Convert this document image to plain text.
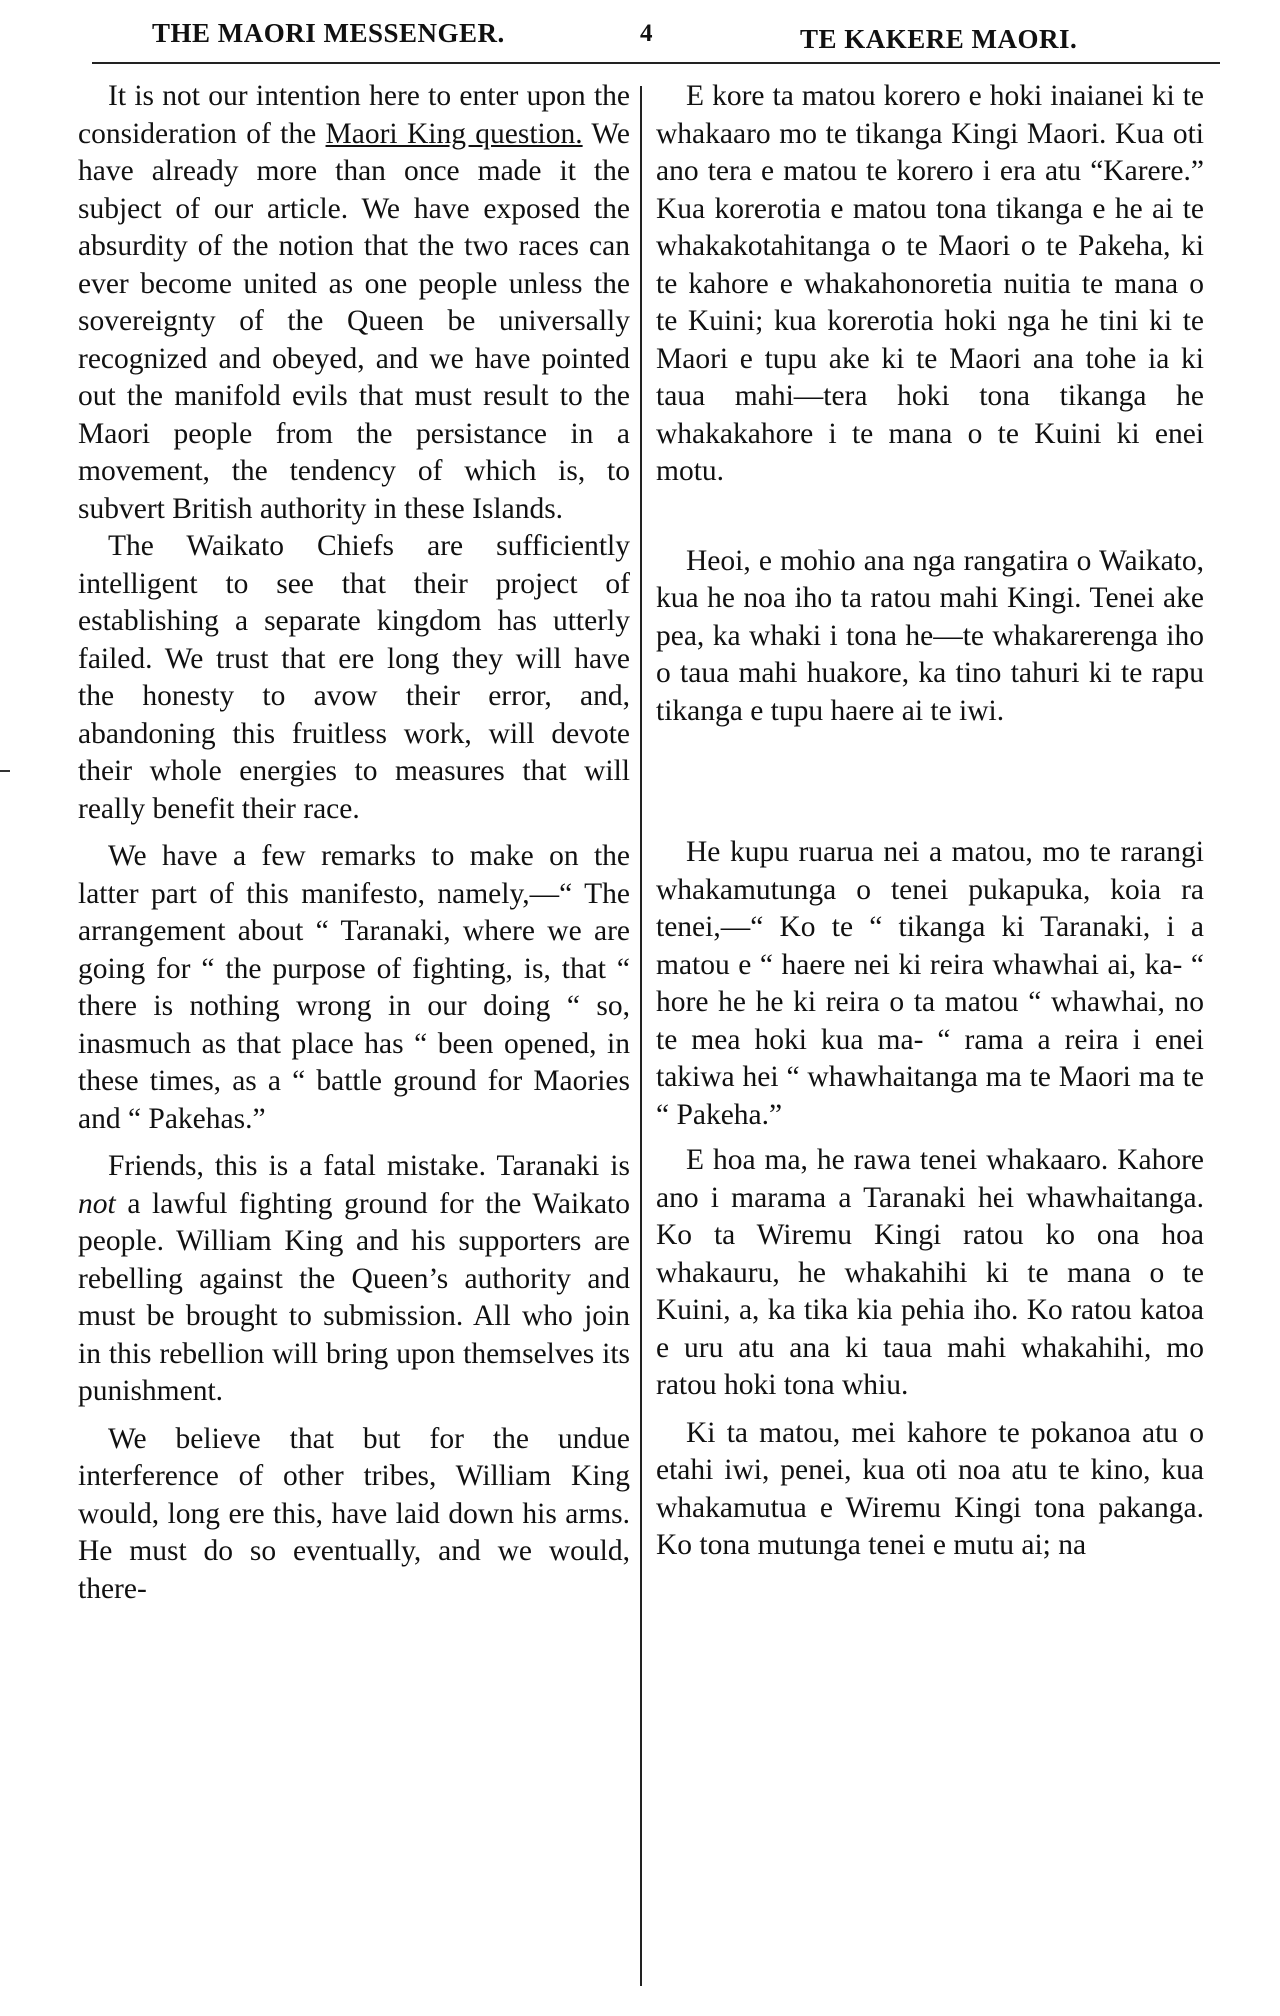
THE MAORI MESSENGER.	4	TE KAKERE MAORI.

It is not our intention here to enter upon the consideration of the Maori King question. We have already more than once made it the subject of our article. We have exposed the absurdity of the notion that the two races can ever become united as one people unless the sovereignty of the Queen be universally recognized and obeyed, and we have pointed out the manifold evils that must result to the Maori people from the persistance in a movement, the tendency of which is, to subvert British authority in these Islands.

The Waikato Chiefs are sufficiently intelligent to see that their project of establishing a separate kingdom has utterly failed. We trust that ere long they will have the honesty to avow their error, and, abandoning this fruitless work, will devote their whole energies to measures that will really benefit their race.

We have a few remarks to make on the latter part of this manifesto, namely,—“ The arrangement about “ Taranaki, where we are going for “ the purpose of fighting, is, that “ there is nothing wrong in our doing “ so, inasmuch as that place has “ been opened, in these times, as a “ battle ground for Maories and “ Pakehas.”

Friends, this is a fatal mistake. Taranaki is not a lawful fighting ground for the Waikato people. William King and his supporters are rebelling against the Queen’s authority and must be brought to submission. All who join in this rebellion will bring upon themselves its punishment.

We believe that but for the undue interference of other tribes, William King would, long ere this, have laid down his arms. He must do so eventually, and we would, there-

E kore ta matou korero e hoki inaianei ki te whakaaro mo te tikanga Kingi Maori. Kua oti ano tera e matou te korero i era atu “Karere.” Kua korerotia e matou tona tikanga e he ai te whakakotahitanga o te Maori o te Pakeha, ki te kahore e whakahonoretia nuitia te mana o te Kuini; kua korerotia hoki nga he tini ki te Maori e tupu ake ki te Maori ana tohe ia ki taua mahi—tera hoki tona tikanga he whakakahore i te mana o te Kuini ki enei motu.

Heoi, e mohio ana nga rangatira o Waikato, kua he noa iho ta ratou mahi Kingi. Tenei ake pea, ka whaki i tona he—te whakarerenga iho o taua mahi huakore, ka tino tahuri ki te rapu tikanga e tupu haere ai te iwi.

He kupu ruarua nei a matou, mo te rarangi whakamutunga o tenei pukapuka, koia ra tenei,—“ Ko te “ tikanga ki Taranaki, i a matou e “ haere nei ki reira whawhai ai, ka- “ hore he he ki reira o ta matou “ whawhai, no te mea hoki kua ma- “ rama a reira i enei takiwa hei “ whawhaitanga ma te Maori ma te “ Pakeha.”

E hoa ma, he rawa tenei whakaaro. Kahore ano i marama a Taranaki hei whawhaitanga. Ko ta Wiremu Kingi ratou ko ona hoa whakauru, he whakahihi ki te mana o te Kuini, a, ka tika kia pehia iho. Ko ratou katoa e uru atu ana ki taua mahi whakahihi, mo ratou hoki tona whiu.

Ki ta matou, mei kahore te pokanoa atu o etahi iwi, penei, kua oti noa atu te kino, kua whakamutua e Wiremu Kingi tona pakanga. Ko tona mutunga tenei e mutu ai; na
